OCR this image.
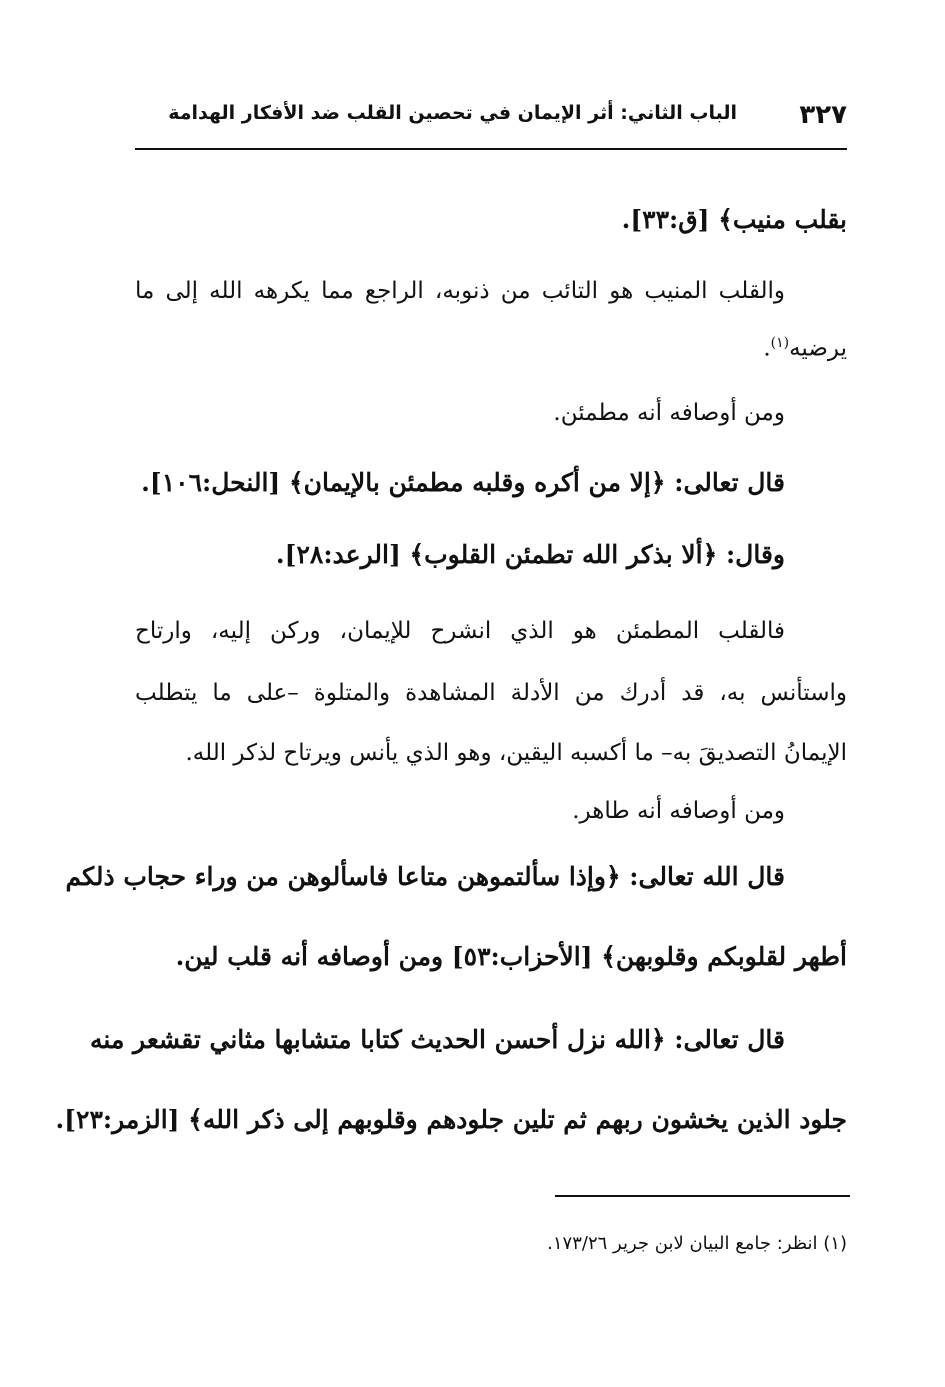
٣٢٧
الباب الثاني: أثر الإيمان في تحصين القلب ضد الأفكار الهدامة
بقلب منيب﴾ [ق:٣٣].
والقلب المنيب هو التائب من ذنوبه، الراجع مما يكرهه الله إلى ما
يرضيه$^{(١)}$.
ومن أوصافه أنه مطمئن.
قال تعالى: ﴿إلا من أكره وقلبه مطمئن بالإيمان﴾ [النحل:١٠٦].
وقال: ﴿ألا بذكر الله تطمئن القلوب﴾ [الرعد:٢٨].
فالقلب المطمئن هو الذي انشرح للإيمان، وركن إليه، وارتاح
واستأنس به، قد أدرك من الأدلة المشاهدة والمتلوة –على ما يتطلب
الإيمانُ التصديقَ به– ما أكسبه اليقين، وهو الذي يأنس ويرتاح لذكر الله.
ومن أوصافه أنه طاهر.
قال الله تعالى: ﴿وإذا سألتموهن متاعا فاسألوهن من وراء حجاب ذلكم
أطهر لقلوبكم وقلوبهن﴾ [الأحزاب:٥٣] ومن أوصافه أنه قلب لين.
قال تعالى: ﴿الله نزل أحسن الحديث كتابا متشابها مثاني تقشعر منه
جلود الذين يخشون ربهم ثم تلين جلودهم وقلوبهم إلى ذكر الله﴾ [الزمر:٢٣].
(١) انظر: جامع البيان لابن جرير ١٧٣/٢٦.
